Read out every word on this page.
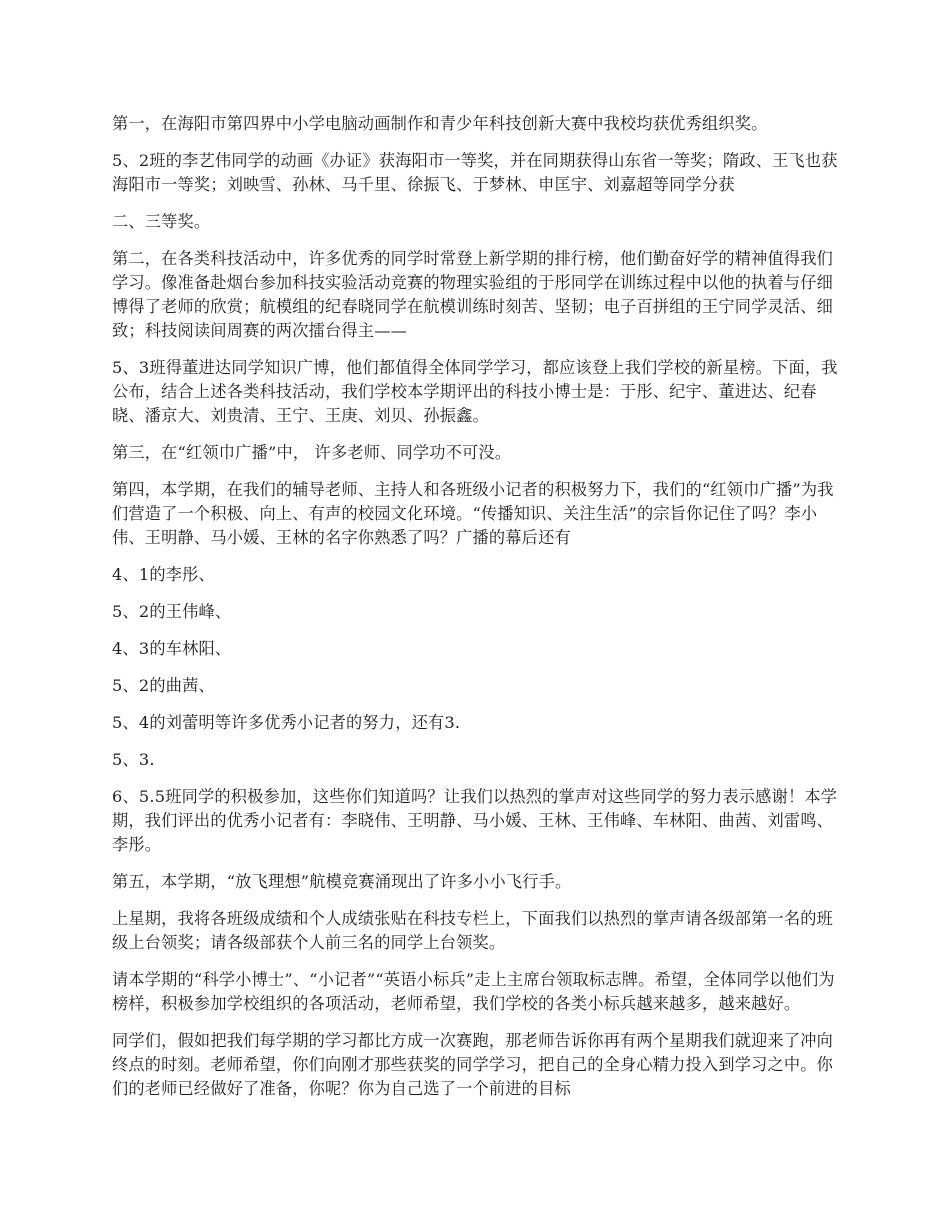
第一，在海阳市第四界中小学电脑动画制作和青少年科技创新大赛中我校均获优秀组织奖。

5、2班的李艺伟同学的动画《办证》获海阳市一等奖，并在同期获得山东省一等奖；隋政、王飞也获海阳市一等奖；刘映雪、孙林、马千里、徐振飞、于梦林、申匡宇、刘嘉超等同学分获

二、三等奖。

第二，在各类科技活动中，许多优秀的同学时常登上新学期的排行榜，他们勤奋好学的精神值得我们学习。像准备赴烟台参加科技实验活动竞赛的物理实验组的于彤同学在训练过程中以他的执着与仔细博得了老师的欣赏；航模组的纪春晓同学在航模训练时刻苦、坚韧；电子百拼组的王宁同学灵活、细致；科技阅读间周赛的两次擂台得主——

5、3班得董进达同学知识广博，他们都值得全体同学学习，都应该登上我们学校的新星榜。下面，我公布，结合上述各类科技活动，我们学校本学期评出的科技小博士是：于彤、纪宇、董进达、纪春晓、潘京大、刘贵清、王宁、王庚、刘贝、孙振鑫。

第三，在“红领巾广播”中， 许多老师、同学功不可没。

第四，本学期，在我们的辅导老师、主持人和各班级小记者的积极努力下，我们的“红领巾广播”为我们营造了一个积极、向上、有声的校园文化环境。“传播知识、关注生活”的宗旨你记住了吗？李小伟、王明静、马小媛、王林的名字你熟悉了吗？广播的幕后还有

4、1的李彤、

5、2的王伟峰、

4、3的车林阳、

5、2的曲茜、

5、4的刘蕾明等许多优秀小记者的努力，还有3.

5、3.

6、5.5班同学的积极参加，这些你们知道吗？让我们以热烈的掌声对这些同学的努力表示感谢！本学期，我们评出的优秀小记者有：李晓伟、王明静、马小媛、王林、王伟峰、车林阳、曲茜、刘雷鸣、李彤。

第五，本学期，“放飞理想”航模竞赛涌现出了许多小小飞行手。

上星期，我将各班级成绩和个人成绩张贴在科技专栏上，下面我们以热烈的掌声请各级部第一名的班级上台领奖；请各级部获个人前三名的同学上台领奖。

请本学期的“科学小博士”、“小记者”“英语小标兵”走上主席台领取标志牌。希望，全体同学以他们为榜样，积极参加学校组织的各项活动，老师希望，我们学校的各类小标兵越来越多，越来越好。

同学们，假如把我们每学期的学习都比方成一次赛跑，那老师告诉你再有两个星期我们就迎来了冲向终点的时刻。老师希望，你们向刚才那些获奖的同学学习，把自己的全身心精力投入到学习之中。你们的老师已经做好了准备，你呢？你为自己选了一个前进的目标
